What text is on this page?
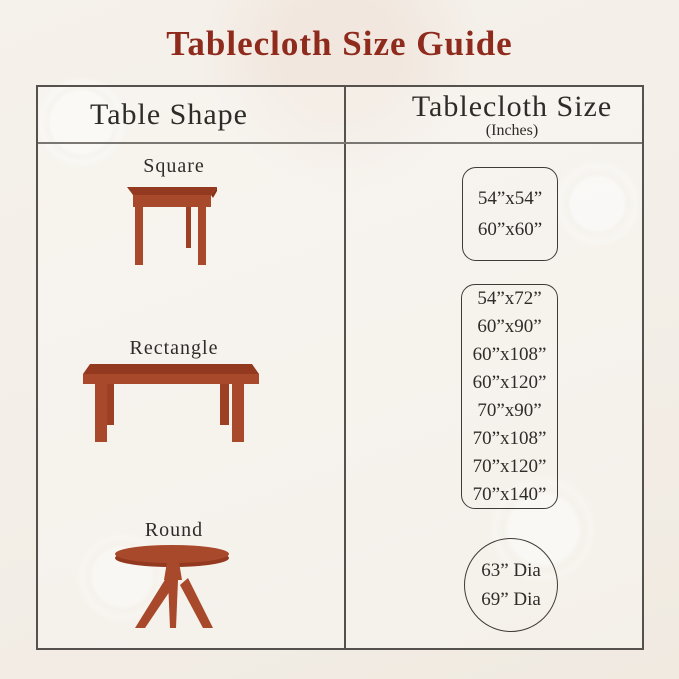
Tablecloth Size Guide
Table Shape	Tablecloth Size
(Inches)
Square
Rectangle
Round
54”x54”
60”x60”
54”x72”
60”x90”
60”x108”
60”x120”
70”x90”
70”x108”
70”x120”
70”x140”
63” Dia
69” Dia
